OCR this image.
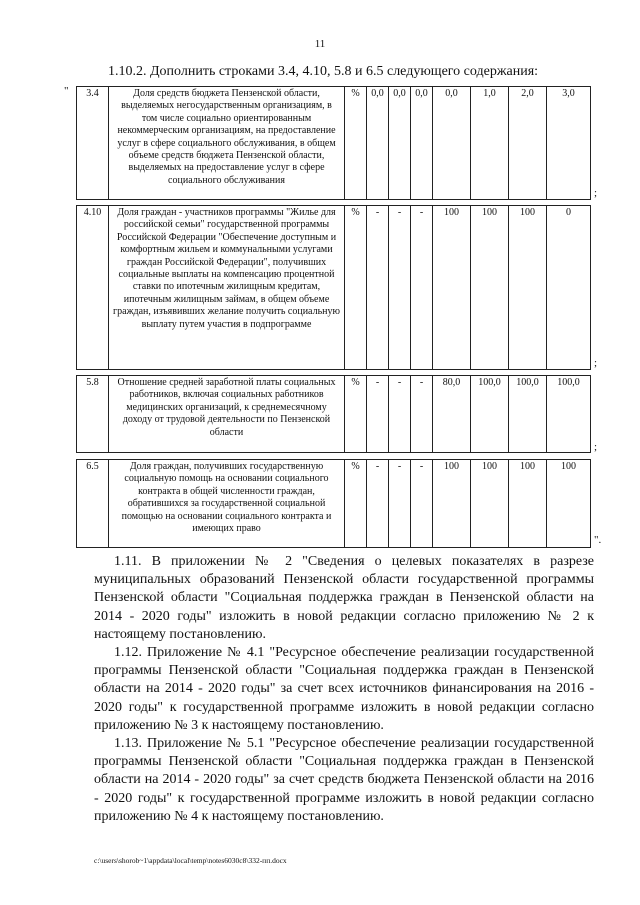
11
1.10.2. Дополнить строками 3.4, 4.10, 5.8 и 6.5 следующего содержания:
" 3.4	Доля средств бюджета Пензенской области, выделяемых негосударственным организациям, в том числе социально ориентированным некоммерческим организациям, на предоставление услуг в сфере социального обслуживания, в общем объеме средств бюджета Пензенской области, выделяемых на предоставление услуг в сфере социального обслуживания	%	0,0	0,0	0,0	0,0	1,0	2,0	3,0
;
4.10	Доля граждан - участников программы "Жилье для российской семьи" государственной программы Российской Федерации "Обеспечение доступным и комфортным жильем и коммунальными услугами граждан Российской Федерации", получивших социальные выплаты на компенсацию процентной ставки по ипотечным жилищным кредитам, ипотечным жилищным займам, в общем объеме граждан, изъявивших желание получить социальную выплату путем участия в подпрограмме	%	-	-	-	100	100	100	0
;
5.8	Отношение средней заработной платы социальных работников, включая социальных работников медицинских организаций, к среднемесячному доходу от трудовой деятельности по Пензенской области	%	-	-	-	80,0	100,0	100,0	100,0
;
6.5	Доля граждан, получивших государственную социальную помощь на основании социального контракта в общей численности граждан, обратившихся за государственной социальной помощью на основании социального контракта и имеющих право	%	-	-	-	100	100	100	100
".

1.11. В приложении № 2 "Сведения о целевых показателях в разрезе муниципальных образований Пензенской области государственной программы Пензенской области "Социальная поддержка граждан в Пензенской области на 2014 - 2020 годы" изложить в новой редакции согласно приложению № 2 к настоящему постановлению.

1.12. Приложение № 4.1 "Ресурсное обеспечение реализации государственной программы Пензенской области "Социальная поддержка граждан в Пензенской области на 2014 - 2020 годы" за счет всех источников финансирования на 2016 - 2020 годы" к государственной программе изложить в новой редакции согласно приложению № 3 к настоящему постановлению.

1.13. Приложение № 5.1 "Ресурсное обеспечение реализации государственной программы Пензенской области "Социальная поддержка граждан в Пензенской области на 2014 - 2020 годы" за счет средств бюджета Пензенской области на 2016 - 2020 годы" к государственной программе изложить в новой редакции согласно приложению № 4 к настоящему постановлению.

c:\users\shorob~1\appdata\local\temp\notes6030c8\332-пп.docx
